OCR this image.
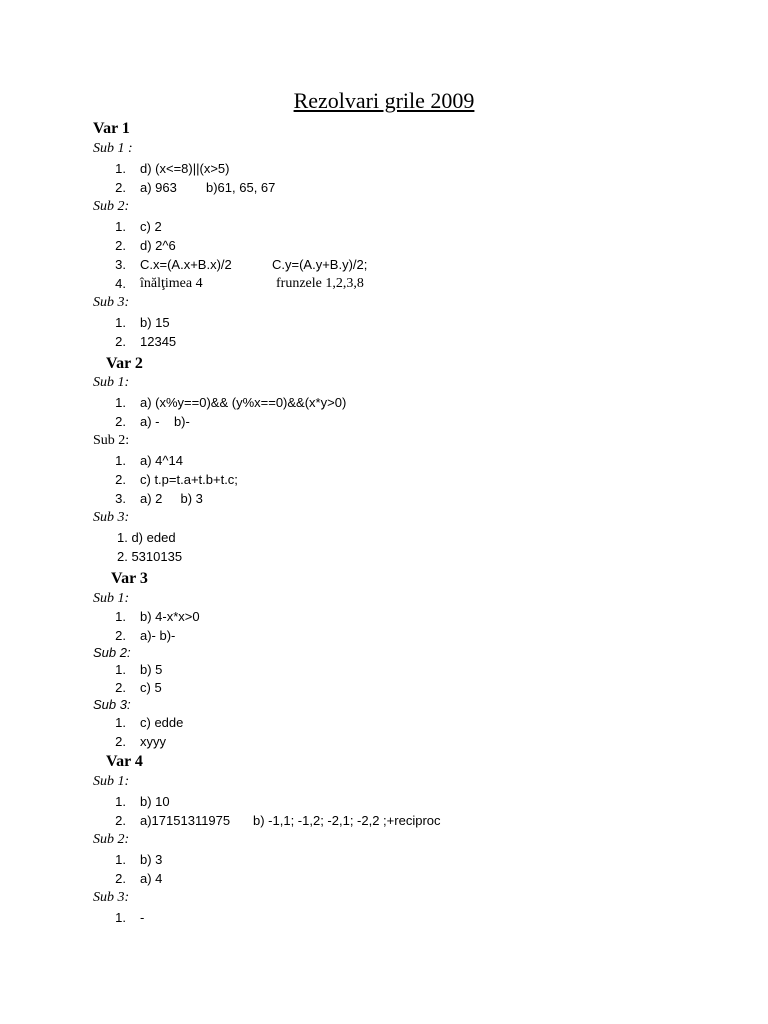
Rezolvari grile 2009
Var 1
Sub 1 :
1. d) (x<=8)||(x>5)
2. a) 963 b)61, 65, 67
Sub 2:
1. c) 2
2. d) 2^6
3. C.x=(A.x+B.x)/2	C.y=(A.y+B.y)/2;
4. înălţimea 4	frunzele 1,2,3,8
Sub 3:
1. b) 15
2. 12345
Var 2
Sub 1:
1. a) (x%y==0)&& (y%x==0)&&(x*y>0)
2. a) -    b)-
Sub 2:
1. a) 4^14
2. c) t.p=t.a+t.b+t.c;
3. a) 2     b) 3
Sub 3:
1. d) eded
2. 5310135
Var 3
Sub 1:
1. b) 4-x*x>0
2. a)- b)-
Sub 2:
1. b) 5
2. c) 5
Sub 3:
1. c) edde
2. xyyy
Var 4
Sub 1:
1. b) 10
2. a)17151311975 b) -1,1; -1,2; -2,1; -2,2 ;+reciproc
Sub 2:
1. b) 3
2. a) 4
Sub 3:
1. -
